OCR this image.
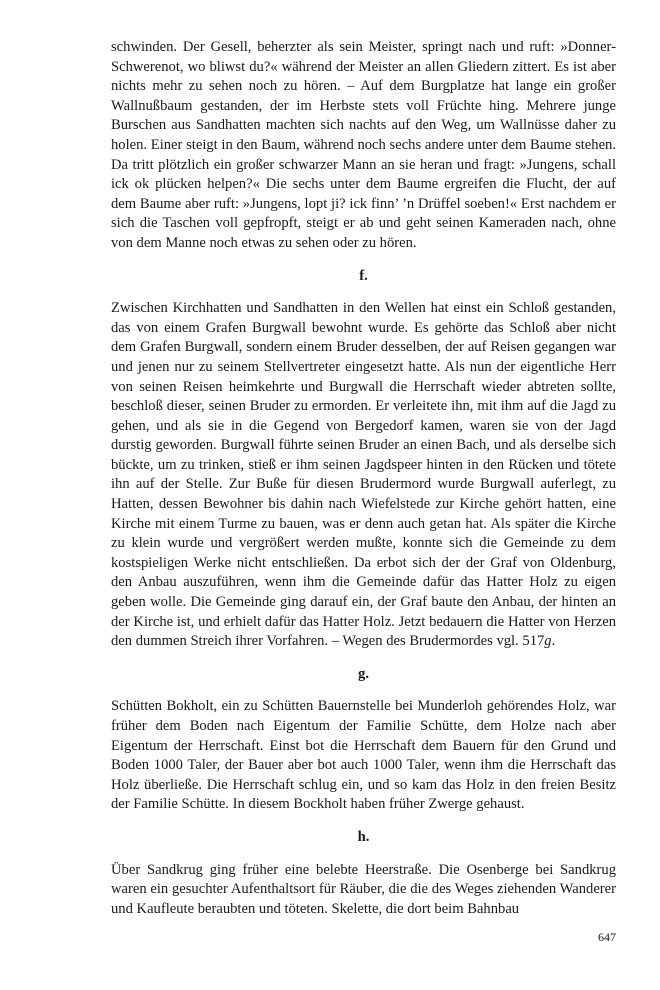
schwinden. Der Gesell, beherzter als sein Meister, springt nach und ruft: »Donner-Schwerenot, wo bliwst du?« während der Meister an allen Gliedern zittert. Es ist aber nichts mehr zu sehen noch zu hören. – Auf dem Burgplatze hat lange ein großer Wallnußbaum gestanden, der im Herbste stets voll Früchte hing. Mehrere junge Burschen aus Sandhatten machten sich nachts auf den Weg, um Wallnüsse daher zu holen. Einer steigt in den Baum, während noch sechs andere unter dem Baume stehen. Da tritt plötzlich ein großer schwarzer Mann an sie heran und fragt: »Jungens, schall ick ok plücken helpen?« Die sechs unter dem Baume ergreifen die Flucht, der auf dem Baume aber ruft: »Jungens, lopt ji? ick finn’ ’n Drüffel soeben!« Erst nachdem er sich die Taschen voll gepfropft, steigt er ab und geht seinen Kameraden nach, ohne von dem Manne noch etwas zu sehen oder zu hören.

f.

Zwischen Kirchhatten und Sandhatten in den Wellen hat einst ein Schloß gestanden, das von einem Grafen Burgwall bewohnt wurde. Es gehörte das Schloß aber nicht dem Grafen Burgwall, sondern einem Bruder desselben, der auf Reisen gegangen war und jenen nur zu seinem Stellvertreter eingesetzt hatte. Als nun der eigentliche Herr von seinen Reisen heimkehrte und Burgwall die Herrschaft wieder abtreten sollte, beschloß dieser, seinen Bruder zu ermorden. Er verleitete ihn, mit ihm auf die Jagd zu gehen, und als sie in die Gegend von Bergedorf kamen, waren sie von der Jagd durstig geworden. Burgwall führte seinen Bruder an einen Bach, und als derselbe sich bückte, um zu trinken, stieß er ihm seinen Jagdspeer hinten in den Rücken und tötete ihn auf der Stelle. Zur Buße für diesen Brudermord wurde Burgwall auferlegt, zu Hatten, dessen Bewohner bis dahin nach Wiefelstede zur Kirche gehört hatten, eine Kirche mit einem Turme zu bauen, was er denn auch getan hat. Als später die Kirche zu klein wurde und vergrößert werden mußte, konnte sich die Gemeinde zu dem kostspieligen Werke nicht entschließen. Da erbot sich der der Graf von Oldenburg, den Anbau auszuführen, wenn ihm die Gemeinde dafür das Hatter Holz zu eigen geben wolle. Die Gemeinde ging darauf ein, der Graf baute den Anbau, der hinten an der Kirche ist, und erhielt dafür das Hatter Holz. Jetzt bedauern die Hatter von Herzen den dummen Streich ihrer Vorfahren. – Wegen des Brudermordes vgl. 517g.

g.

Schütten Bokholt, ein zu Schütten Bauernstelle bei Munderloh gehörendes Holz, war früher dem Boden nach Eigentum der Familie Schütte, dem Holze nach aber Eigentum der Herrschaft. Einst bot die Herrschaft dem Bauern für den Grund und Boden 1000 Taler, der Bauer aber bot auch 1000 Taler, wenn ihm die Herrschaft das Holz überließe. Die Herrschaft schlug ein, und so kam das Holz in den freien Besitz der Familie Schütte. In diesem Bockholt haben früher Zwerge gehaust.

h.

Über Sandkrug ging früher eine belebte Heerstraße. Die Osenberge bei Sandkrug waren ein gesuchter Aufenthaltsort für Räuber, die die des Weges ziehenden Wanderer und Kaufleute beraubten und töteten. Skelette, die dort beim Bahnbau

647
